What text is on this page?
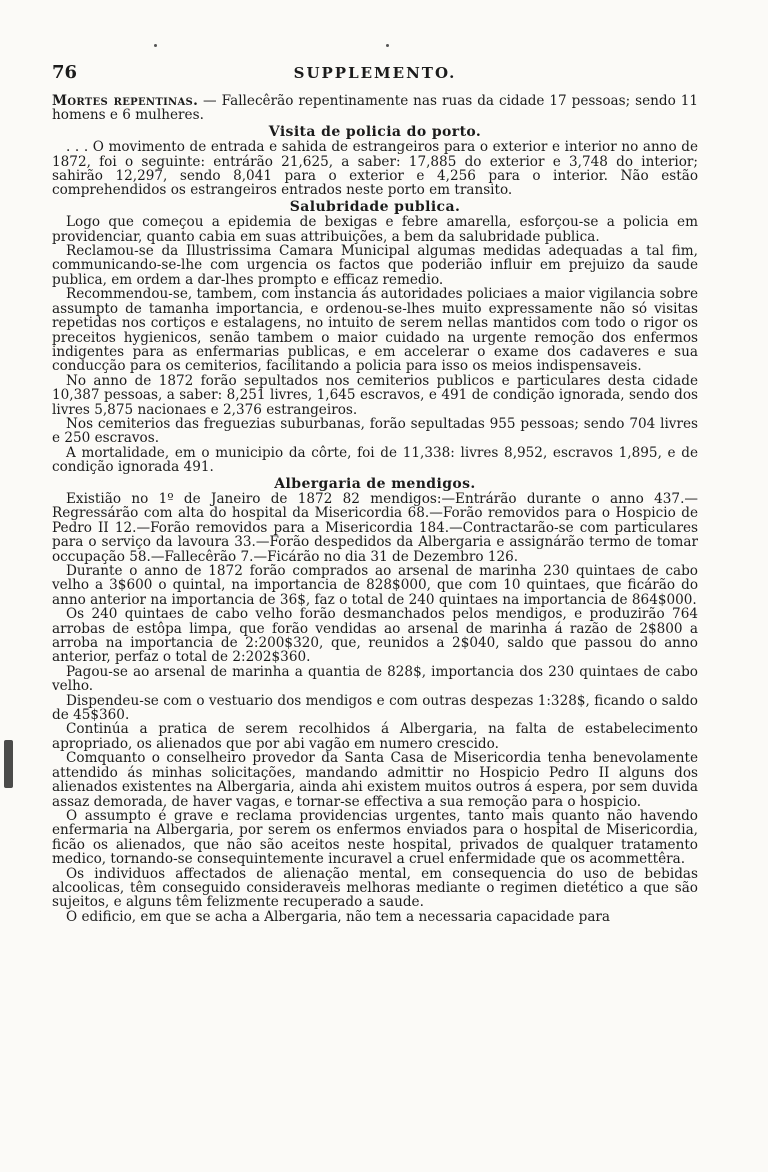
76	SUPPLEMENTO.

Mortes repentinas. — Fallecêrão repentinamente nas ruas da cidade 17 pessoas; sendo 11 homens e 6 mulheres.

Visita de policia do porto.

. . . O movimento de entrada e sahida de estrangeiros para o exterior e interior no anno de 1872, foi o seguinte: entrárão 21,625, a saber: 17,885 do exterior e 3,748 do interior; sahirão 12,297, sendo 8,041 para o exterior e 4,256 para o interior. Não estão comprehendidos os estrangeiros entrados neste porto em transito.

Salubridade publica.

Logo que começou a epidemia de bexigas e febre amarella, esforçou-se a policia em providenciar, quanto cabia em suas attribuições, a bem da salubridade publica.

Reclamou-se da Illustrissima Camara Municipal algumas medidas adequadas a tal fim, communicando-se-lhe com urgencia os factos que poderião influir em prejuizo da saude publica, em ordem a dar-lhes prompto e efficaz remedio.

Recommendou-se, tambem, com instancia ás autoridades policiaes a maior vigilancia sobre assumpto de tamanha importancia, e ordenou-se-lhes muito expressamente não só visitas repetidas nos cortiços e estalagens, no intuito de serem nellas mantidos com todo o rigor os preceitos hygienicos, senão tambem o maior cuidado na urgente remoção dos enfermos indigentes para as enfermarias publicas, e em accelerar o exame dos cadaveres e sua conducção para os cemiterios, facilitando a policia para isso os meios indispensaveis.

No anno de 1872 forão sepultados nos cemiterios publicos e particulares desta cidade 10,387 pessoas, a saber: 8,251 livres, 1,645 escravos, e 491 de condição ignorada, sendo dos livres 5,875 nacionaes e 2,376 estrangeiros.

Nos cemiterios das freguezias suburbanas, forão sepultadas 955 pessoas; sendo 704 livres e 250 escravos.

A mortalidade, em o municipio da côrte, foi de 11,338: livres 8,952, escravos 1,895, e de condição ignorada 491.

Albergaria de mendigos.

Existião no 1º de Janeiro de 1872 82 mendigos:—Entrárão durante o anno 437.—Regressárão com alta do hospital da Misericordia 68.—Forão removidos para o Hospicio de Pedro II 12.—Forão removidos para a Misericordia 184.—Contractarão-se com particulares para o serviço da lavoura 33.—Forão despedidos da Albergaria e assignárão termo de tomar occupação 58.—Fallecêrão 7.—Ficárão no dia 31 de Dezembro 126.

Durante o anno de 1872 forão comprados ao arsenal de marinha 230 quintaes de cabo velho a 3$600 o quintal, na importancia de 828$000, que com 10 quintaes, que ficárão do anno anterior na importancia de 36$, faz o total de 240 quintaes na importancia de 864$000.

Os 240 quintaes de cabo velho forão desmanchados pelos mendigos, e produzirão 764 arrobas de estôpa limpa, que forão vendidas ao arsenal de marinha á razão de 2$800 a arroba na importancia de 2:200$320, que, reunidos a 2$040, saldo que passou do anno anterior, perfaz o total de 2:202$360.

Pagou-se ao arsenal de marinha a quantia de 828$, importancia dos 230 quintaes de cabo velho.

Dispendeu-se com o vestuario dos mendigos e com outras despezas 1:328$, ficando o saldo de 45$360.

Continúa a pratica de serem recolhidos á Albergaria, na falta de estabelecimento apropriado, os alienados que por abi vagão em numero crescido.

Comquanto o conselheiro provedor da Santa Casa de Misericordia tenha benevolamente attendido ás minhas solicitações, mandando admittir no Hospicio Pedro II alguns dos alienados existentes na Albergaria, ainda ahi existem muitos outros á espera, por sem duvida assaz demorada, de haver vagas, e tornar-se effectiva a sua remoção para o hospicio.

O assumpto é grave e reclama providencias urgentes, tanto mais quanto não havendo enfermaria na Albergaria, por serem os enfermos enviados para o hospital de Misericordia, ficão os alienados, que não são aceitos neste hospital, privados de qualquer tratamento medico, tornando-se consequintemente incuravel a cruel enfermidade que os acommettêra.

Os individuos affectados de alienação mental, em consequencia do uso de bebidas alcoolicas, têm conseguido consideraveis melhoras mediante o regimen dietético a que são sujeitos, e alguns têm felizmente recuperado a saude.

O edificio, em que se acha a Albergaria, não tem a necessaria capacidade para
